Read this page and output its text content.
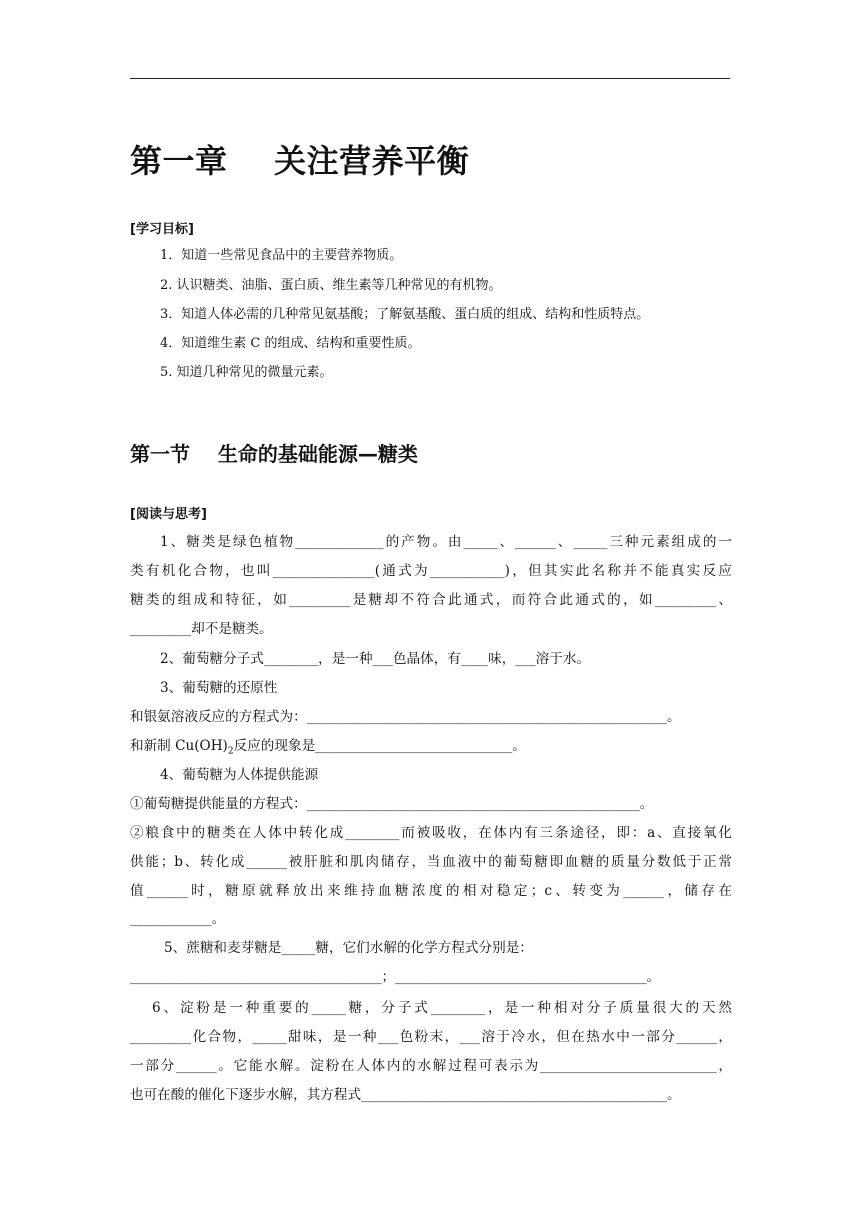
第一章    关注营养平衡
[学习目标]
1．知道一些常见食品中的主要营养物质。
2. 认识糖类、油脂、蛋白质、维生素等几种常见的有机物。
3．知道人体必需的几种常见氨基酸；了解氨基酸、蛋白质的组成、结构和性质特点。
4．知道维生素 C 的组成、结构和重要性质。
5. 知道几种常见的微量元素。
第一节    生命的基础能源—糖类
[阅读与思考]
1、糖类是绿色植物_____________的产物。由_____、______、_____三种元素组成的一
类有机化合物，也叫_______________(通式为___________)，但其实此名称并不能真实反应
糖类的组成和特征，如_________是糖却不符合此通式，而符合此通式的，如_________、
_________却不是糖类。
2、葡萄糖分子式________，是一种___色晶体，有____味，___溶于水。
3、葡萄糖的还原性
和银氨溶液反应的方程式为：_____________________________________________________。
和新制 $Cu(OH)_2$反应的现象是_____________________________。
4、葡萄糖为人体提供能源
①葡萄糖提供能量的方程式：_________________________________________________。
②粮食中的糖类在人体中转化成________而被吸收，在体内有三条途径，即：a、直接氧化
供能；b、转化成______被肝脏和肌肉储存，当血液中的葡萄糖即血糖的质量分数低于正常
值______时，糖原就释放出来维持血糖浓度的相对稳定；c、转变为______，储存在
____________。
5、蔗糖和麦芽糖是_____糖，它们水解的化学方程式分别是：
_____________________________________；_____________________________________。
6、淀粉是一种重要的_____糖，分子式________，是一种相对分子质量很大的天然
_________化合物，_____甜味，是一种___色粉末，___溶于冷水，但在热水中一部分______，
一部分______。它能水解。淀粉在人体内的水解过程可表示为__________________________，
也可在酸的催化下逐步水解，其方程式_____________________________________________。
